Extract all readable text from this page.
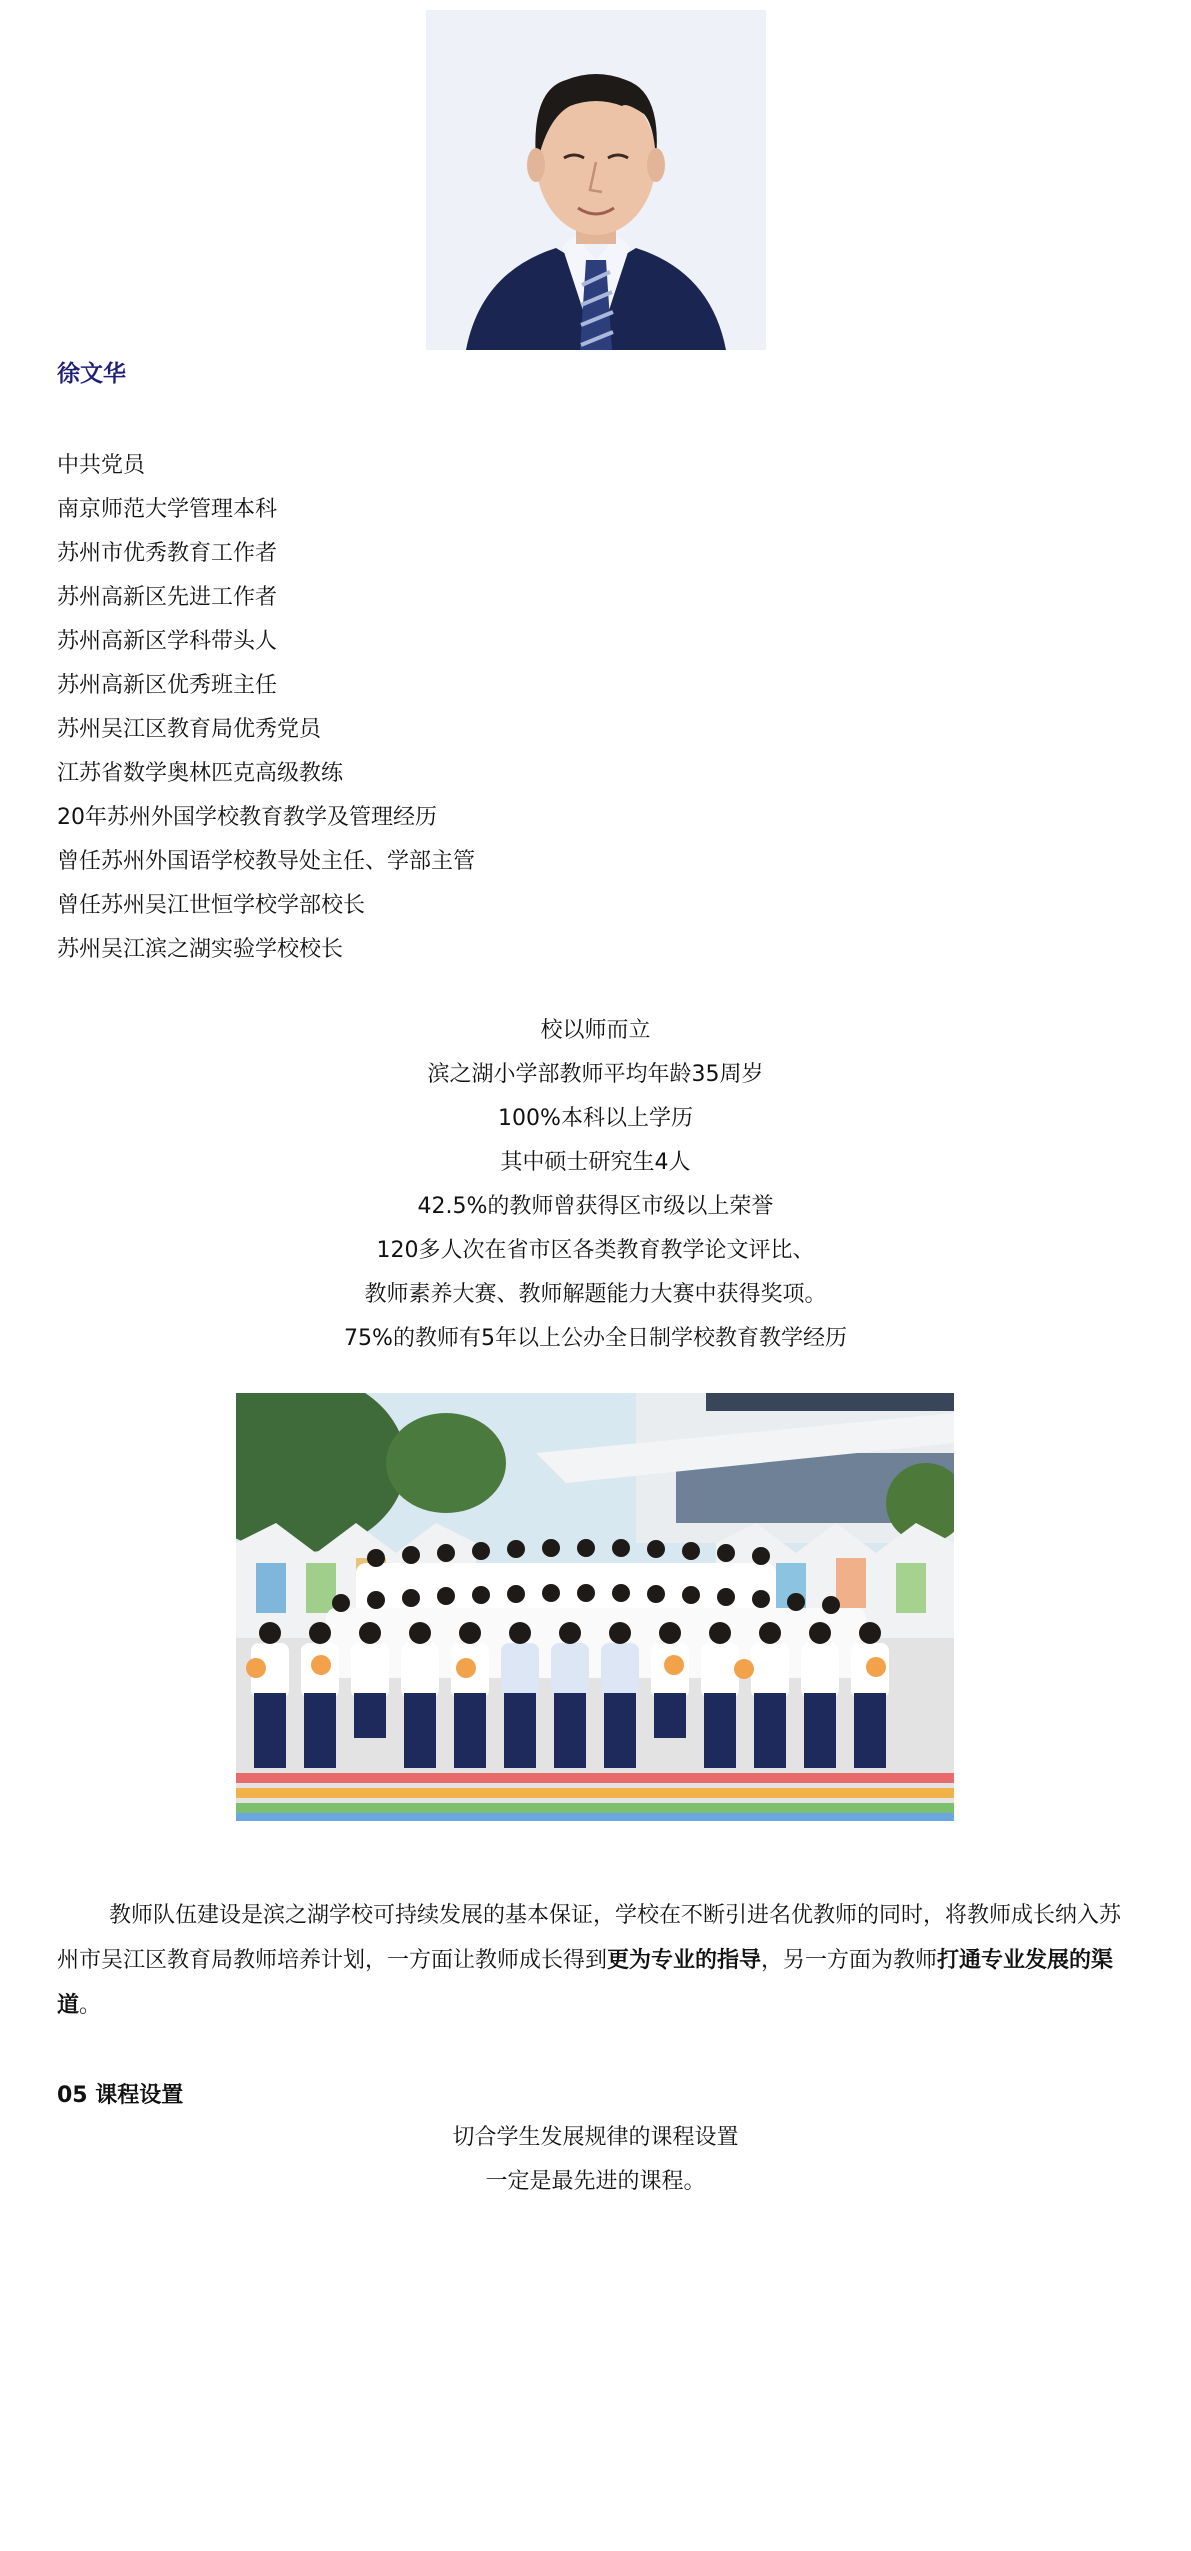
徐文华
中共党员
南京师范大学管理本科
苏州市优秀教育工作者
苏州高新区先进工作者
苏州高新区学科带头人
苏州高新区优秀班主任
苏州吴江区教育局优秀党员
江苏省数学奥林匹克高级教练
20年苏州外国学校教育教学及管理经历
曾任苏州外国语学校教导处主任、学部主管
曾任苏州吴江世恒学校学部校长
苏州吴江滨之湖实验学校校长
校以师而立
滨之湖小学部教师平均年龄35周岁
100%本科以上学历
其中硕士研究生4人
42.5%的教师曾获得区市级以上荣誉
120多人次在省市区各类教育教学论文评比、
教师素养大赛、教师解题能力大赛中获得奖项。
75%的教师有5年以上公办全日制学校教育教学经历

教师队伍建设是滨之湖学校可持续发展的基本保证，学校在不断引进名优教师的同时，将教师成长纳入苏州市吴江区教育局教师培养计划，一方面让教师成长得到更为专业的指导，另一方面为教师打通专业发展的渠道。

05 课程设置
切合学生发展规律的课程设置
一定是最先进的课程。
